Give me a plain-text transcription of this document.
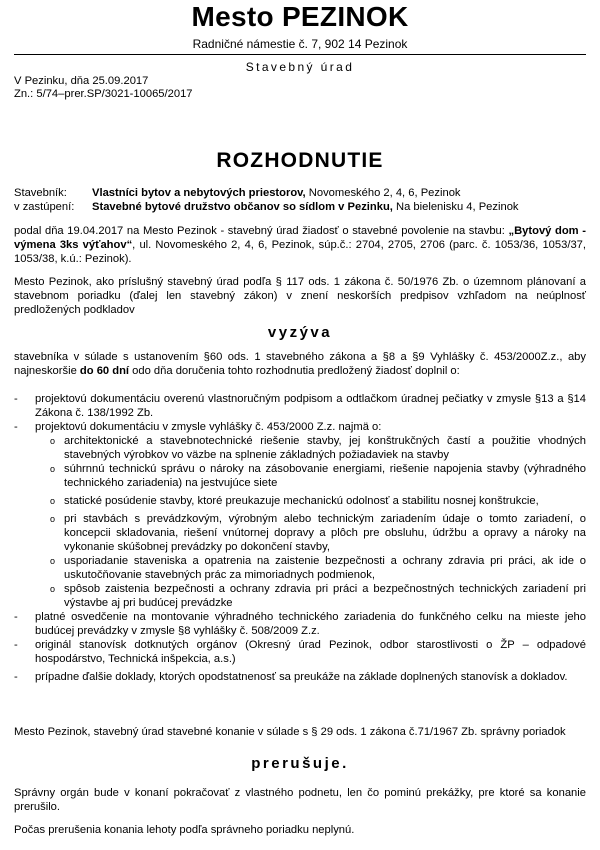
Mesto PEZINOK
Radničné námestie č. 7, 902 14 Pezinok
Stavebný úrad
V Pezinku, dňa 25.09.2017
Zn.: 5/74–prer.SP/3021-10065/2017
ROZHODNUTIE
Stavebník:	Vlastníci bytov a nebytových priestorov, Novomeského 2, 4, 6, Pezinok
v zastúpení:	Stavebné bytové družstvo občanov so sídlom v Pezinku, Na bielenisku 4, Pezinok
podal dňa 19.04.2017 na Mesto Pezinok - stavebný úrad žiadosť o stavebné povolenie na stavbu: „Bytový dom - výmena 3ks výťahov“, ul. Novomeského 2, 4, 6, Pezinok, súp.č.: 2704, 2705, 2706 (parc. č. 1053/36, 1053/37, 1053/38, k.ú.: Pezinok).
Mesto Pezinok, ako príslušný stavebný úrad podľa § 117 ods. 1 zákona č. 50/1976 Zb. o územnom plánovaní a stavebnom poriadku (ďalej len stavebný zákon) v znení neskorších predpisov vzhľadom na neúplnosť predložených podkladov
vyzýva
stavebníka v súlade s ustanovením §60 ods. 1 stavebného zákona a §8 a §9 Vyhlášky č. 453/2000Z.z., aby najneskoršie do 60 dní odo dňa doručenia tohto rozhodnutia predložený žiadosť doplnil o:
- projektovú dokumentáciu overenú vlastnoručným podpisom a odtlačkom úradnej pečiatky v zmysle §13 a §14 Zákona č. 138/1992 Zb.
- projektovú dokumentáciu v zmysle vyhlášky č. 453/2000 Z.z. najmä o:
o architektonické a stavebnotechnické riešenie stavby, jej konštrukčných častí a použitie vhodných stavebných výrobkov vo väzbe na splnenie základných požiadaviek na stavby
o súhrnnú technickú správu o nároky na zásobovanie energiami, riešenie napojenia stavby (výhradného technického zariadenia) na jestvujúce siete
o statické posúdenie stavby, ktoré preukazuje mechanickú odolnosť a stabilitu nosnej konštrukcie,
o pri stavbách s prevádzkovým, výrobným alebo technickým zariadením údaje o tomto zariadení, o koncepcii skladovania, riešení vnútornej dopravy a plôch pre obsluhu, údržbu a opravy a nároky na vykonanie skúšobnej prevádzky po dokončení stavby,
o usporiadanie staveniska a opatrenia na zaistenie bezpečnosti a ochrany zdravia pri práci, ak ide o uskutočňovanie stavebných prác za mimoriadnych podmienok,
o spôsob zaistenia bezpečnosti a ochrany zdravia pri práci a bezpečnostných technických zariadení pri výstavbe aj pri budúcej prevádzke
- platné osvedčenie na montovanie výhradného technického zariadenia do funkčného celku na mieste jeho budúcej prevádzky v zmysle §8 vyhlášky č. 508/2009 Z.z.
- originál stanovísk dotknutých orgánov (Okresný úrad Pezinok, odbor starostlivosti o ŽP – odpadové hospodárstvo, Technická inšpekcia, a.s.)
- prípadne ďalšie doklady, ktorých opodstatnenosť sa preukáže na základe doplnených stanovísk a dokladov.
Mesto Pezinok, stavebný úrad stavebné konanie v súlade s § 29 ods. 1 zákona č.71/1967 Zb. správny poriadok
prerušuje.
Správny orgán bude v konaní pokračovať z vlastného podnetu, len čo pominú prekážky, pre ktoré sa konanie prerušilo.
Počas prerušenia konania lehoty podľa správneho poriadku neplynú.
